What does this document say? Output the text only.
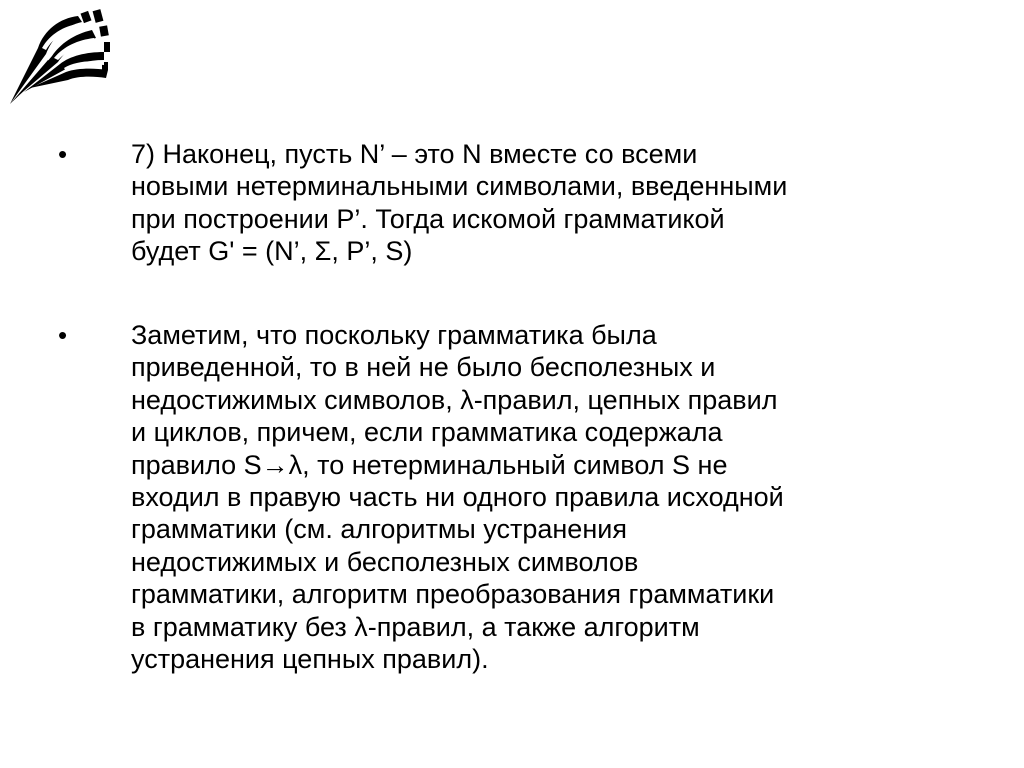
• 7) Наконец, пусть N’ – это N вместе со всеми
новыми нетерминальными символами, введенными
при построении P’. Тогда искомой грамматикой
будет G' = (N’, Σ, P’, S)
• Заметим, что поскольку грамматика была
приведенной, то в ней не было бесполезных и
недостижимых символов, λ-правил, цепных правил
и циклов, причем, если грамматика содержала
правило S→λ, то нетерминальный символ S не
входил в правую часть ни одного правила исходной
грамматики (см. алгоритмы устранения
недостижимых и бесполезных символов
грамматики, алгоритм преобразования грамматики
в грамматику без λ-правил, а также алгоритм
устранения цепных правил).
